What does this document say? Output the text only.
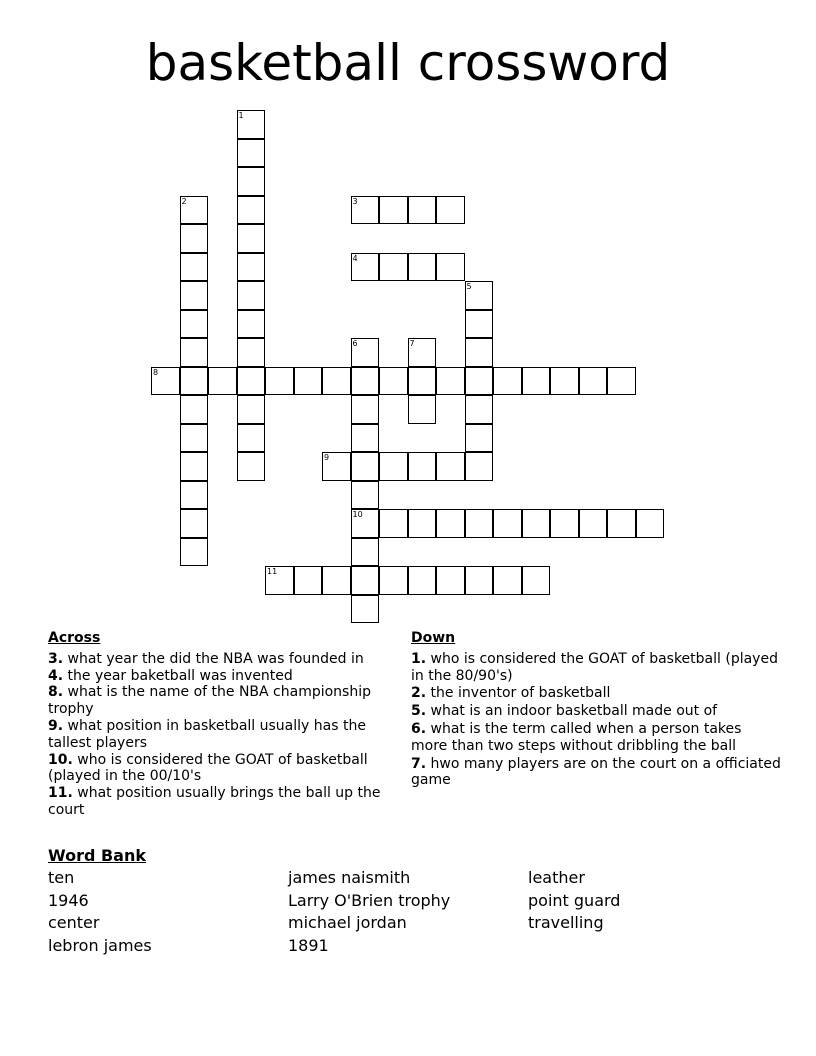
basketball crossword
1
2	3
4
5
6
10
7
8
9
11
Across
3. what year the did the NBA was founded in
4. the year baketball was invented
8. what is the name of the NBA championship trophy
9. what position in basketball usually has the tallest players
10. who is considered the GOAT of basketball (played in the 00/10's
11. what position usually brings the ball up the court
Down
1. who is considered the GOAT of basketball (played in the 80/90's)
2. the inventor of basketball
5. what is an indoor basketball made out of
6. what is the term called when a person takes more than two steps without dribbling the ball
7. hwo many players are on the court on a officiated game
Word Bank
ten	james naismith	leather
1946	Larry O'Brien trophy	point guard
center	michael jordan	travelling
lebron james	1891
